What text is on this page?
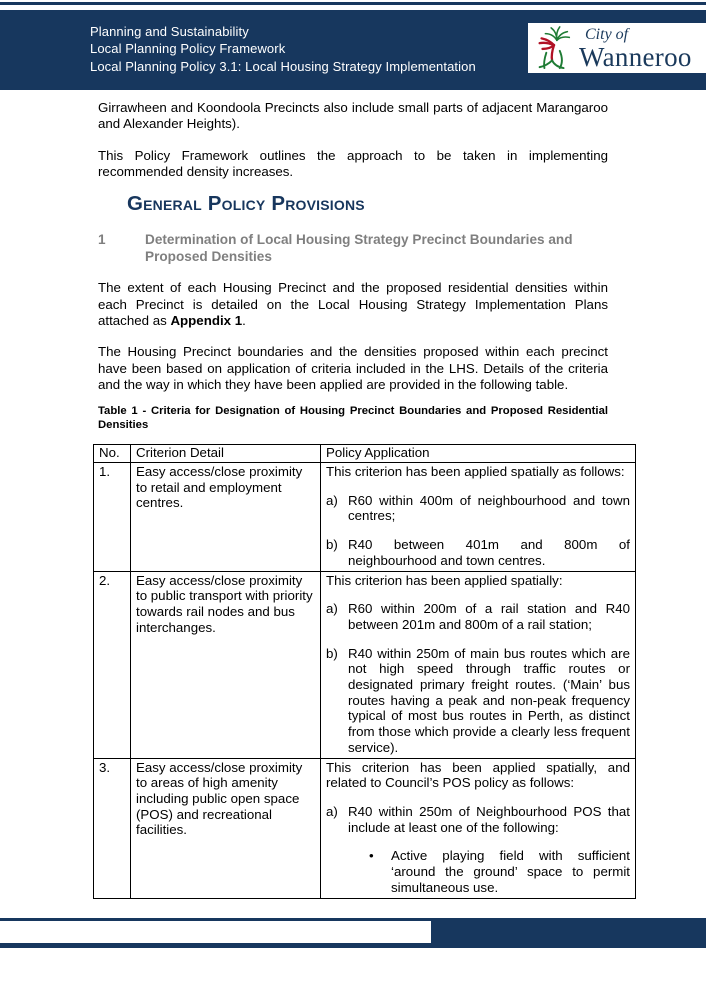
Planning and Sustainability
Local Planning Policy Framework
Local Planning Policy 3.1: Local Housing Strategy Implementation
City of
Wanneroo

Girrawheen and Koondoola Precincts also include small parts of adjacent Marangaroo and Alexander Heights).

This Policy Framework outlines the approach to be taken in implementing recommended density increases.

General Policy Provisions
1	Determination of Local Housing Strategy Precinct Boundaries and Proposed Densities

The extent of each Housing Precinct and the proposed residential densities within each Precinct is detailed on the Local Housing Strategy Implementation Plans attached as Appendix 1.

The Housing Precinct boundaries and the densities proposed within each precinct have been based on application of criteria included in the LHS. Details of the criteria and the way in which they have been applied are provided in the following table.

Table 1 - Criteria for Designation of Housing Precinct Boundaries and Proposed Residential Densities

No.	Criterion Detail	Policy Application
1.	Easy access/close proximity to retail and employment centres.	This criterion has been applied spatially as follows:

a) R60 within 400m of neighbourhood and town centres;
b) R40 between 401m and 800m of neighbourhood and town centres.

2.	Easy access/close proximity to public transport with priority towards rail nodes and bus interchanges.	This criterion has been applied spatially:

a) R60 within 200m of a rail station and R40 between 201m and 800m of a rail station;
b) R40 within 250m of main bus routes which are not high speed through traffic routes or designated primary freight routes. (‘Main’ bus routes having a peak and non-peak frequency typical of most bus routes in Perth, as distinct from those which provide a clearly less frequent service).

3.	Easy access/close proximity to areas of high amenity including public open space (POS) and recreational facilities.	This criterion has been applied spatially, and related to Council’s POS policy as follows:

a) R40 within 250m of Neighbourhood POS that include at least one of the following:
• Active playing field with sufficient ‘around the ground’ space to permit simultaneous use.
